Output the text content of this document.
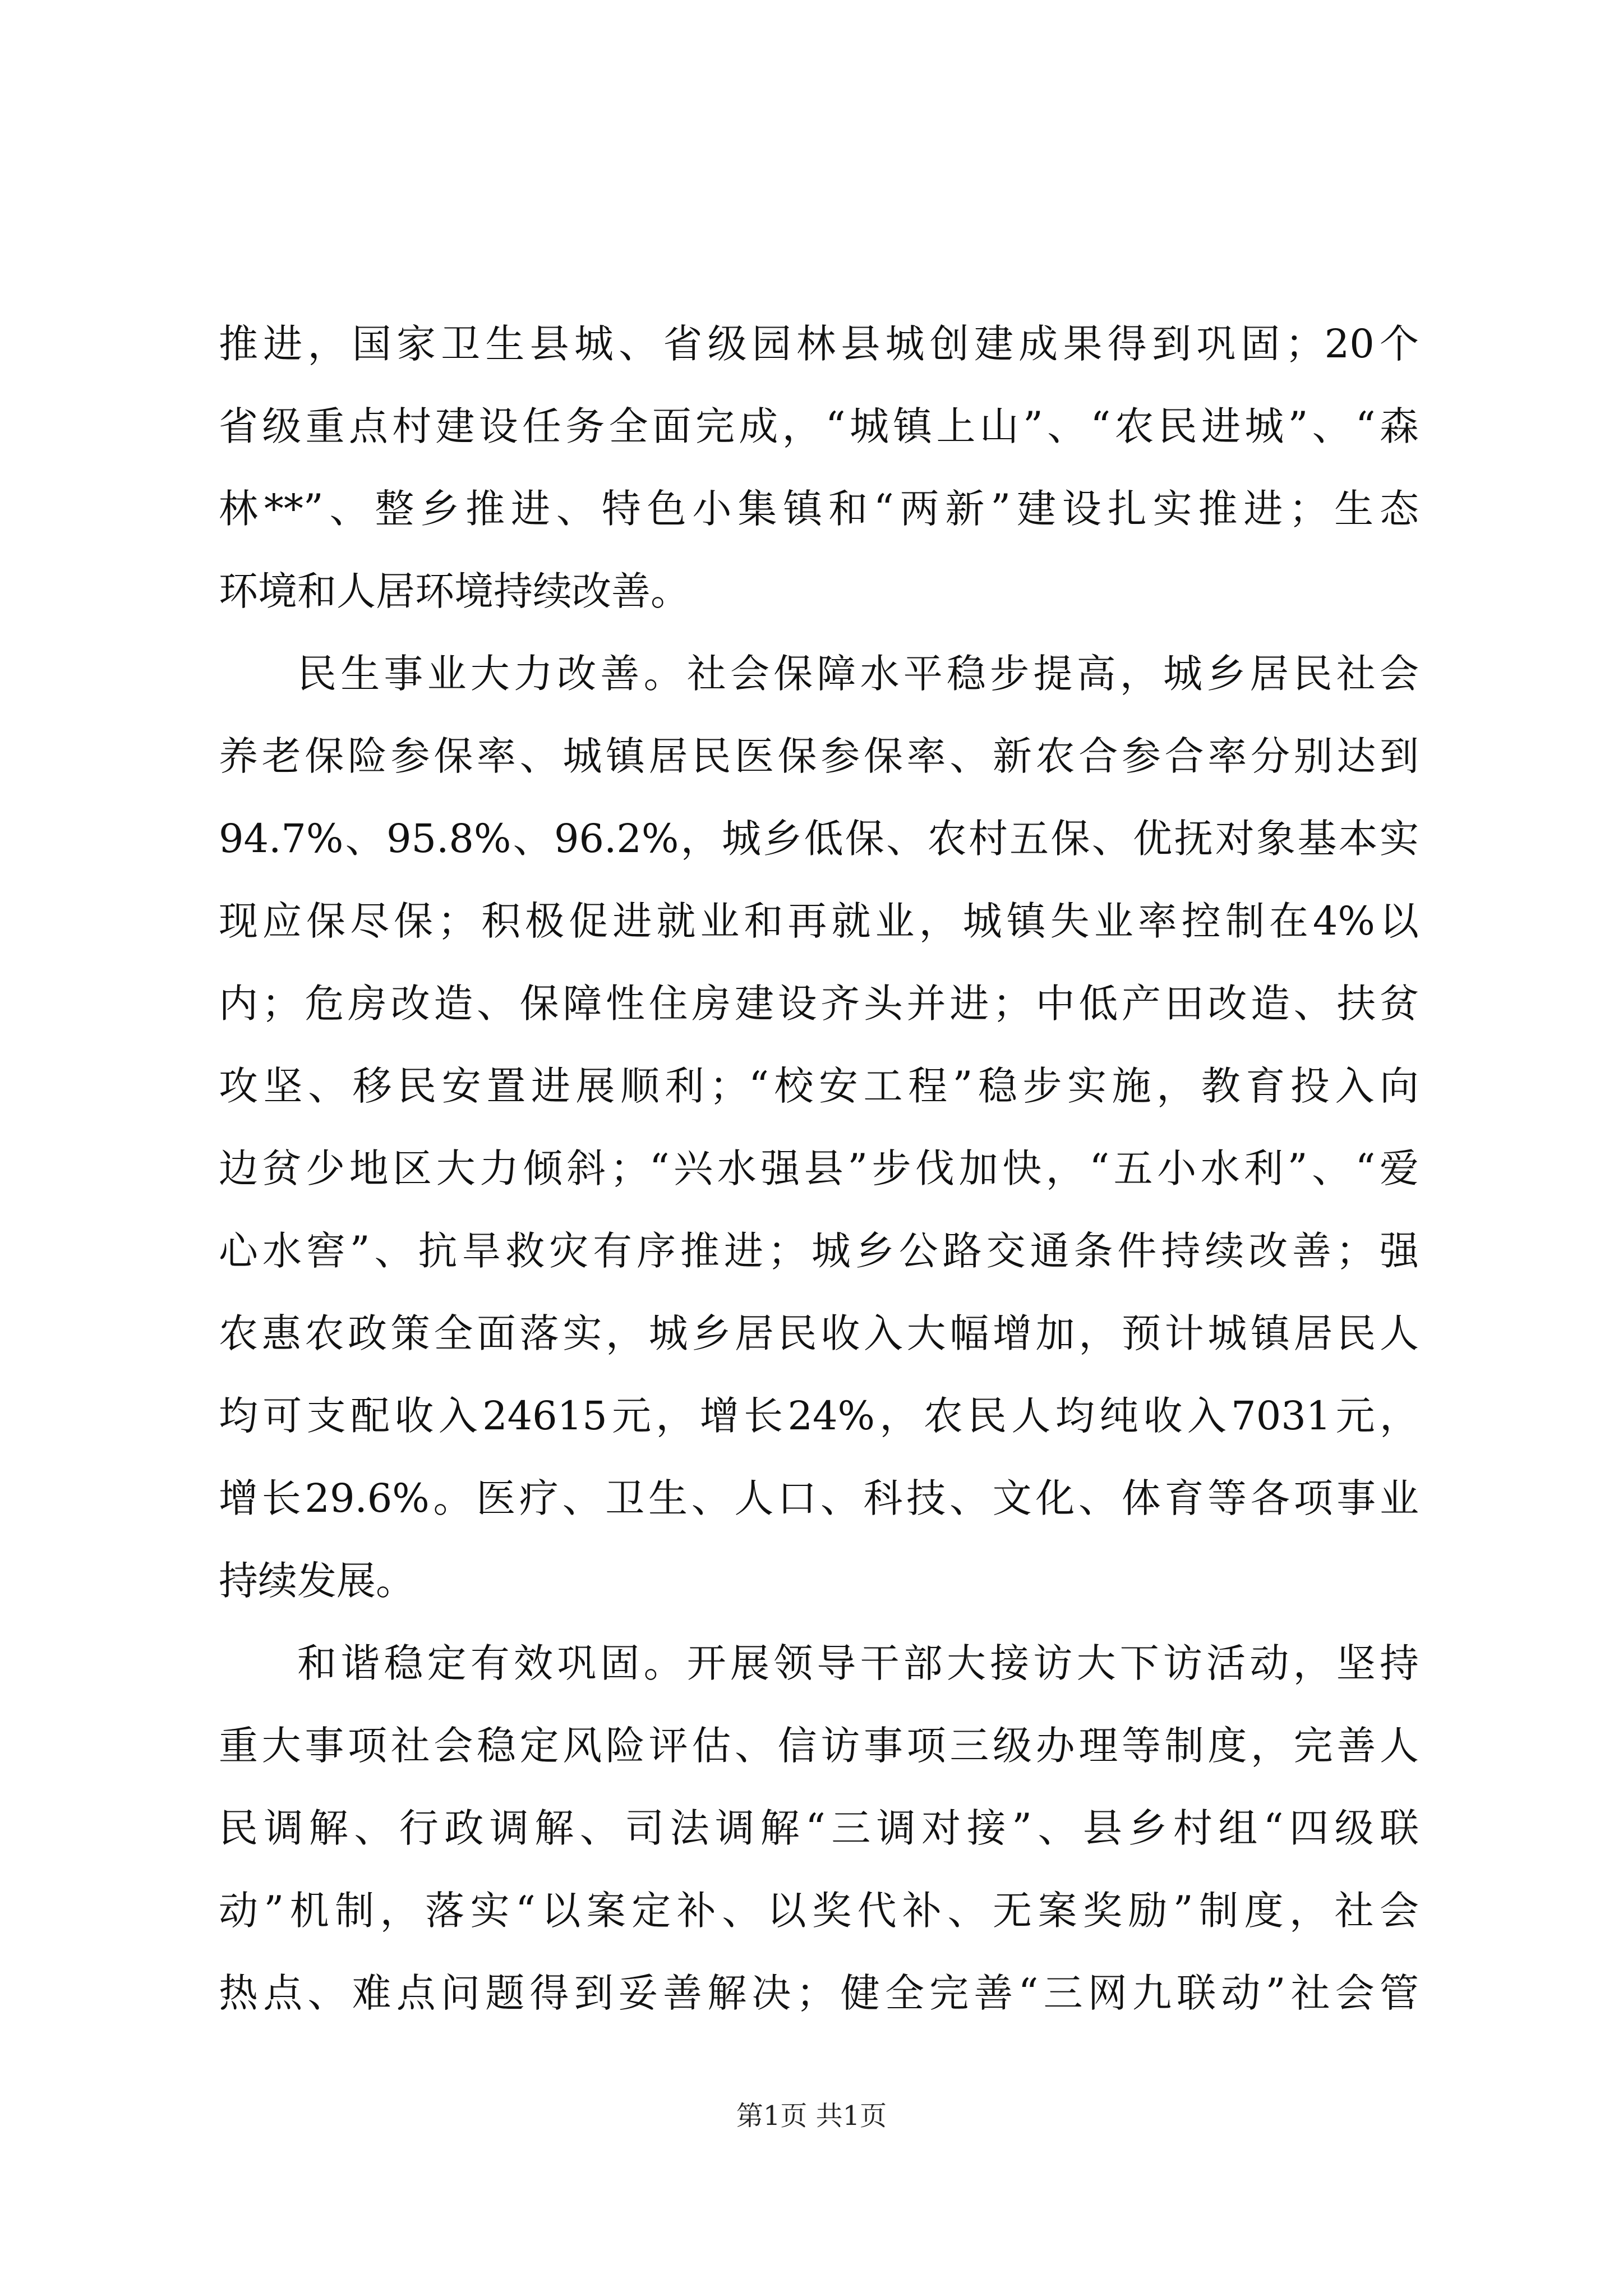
推进，国家卫生县城、省级园林县城创建成果得到巩固；20个
省级重点村建设任务全面完成，“城镇上山”、“农民进城”、“森
林**”、整乡推进、特色小集镇和“两新”建设扎实推进；生态
环境和人居环境持续改善。
民生事业大力改善。社会保障水平稳步提高，城乡居民社会
养老保险参保率、城镇居民医保参保率、新农合参合率分别达到
94.7%、95.8%、96.2%，城乡低保、农村五保、优抚对象基本实
现应保尽保；积极促进就业和再就业，城镇失业率控制在4%以
内；危房改造、保障性住房建设齐头并进；中低产田改造、扶贫
攻坚、移民安置进展顺利；“校安工程”稳步实施，教育投入向
边贫少地区大力倾斜；“兴水强县”步伐加快，“五小水利”、“爱
心水窖”、抗旱救灾有序推进；城乡公路交通条件持续改善；强
农惠农政策全面落实，城乡居民收入大幅增加，预计城镇居民人
均可支配收入24615元，增长24%，农民人均纯收入7031元，
增长29.6%。医疗、卫生、人口、科技、文化、体育等各项事业
持续发展。
和谐稳定有效巩固。开展领导干部大接访大下访活动，坚持
重大事项社会稳定风险评估、信访事项三级办理等制度，完善人
民调解、行政调解、司法调解“三调对接”、县乡村组“四级联
动”机制，落实“以案定补、以奖代补、无案奖励”制度，社会
热点、难点问题得到妥善解决；健全完善“三网九联动”社会管
第1页 共1页
